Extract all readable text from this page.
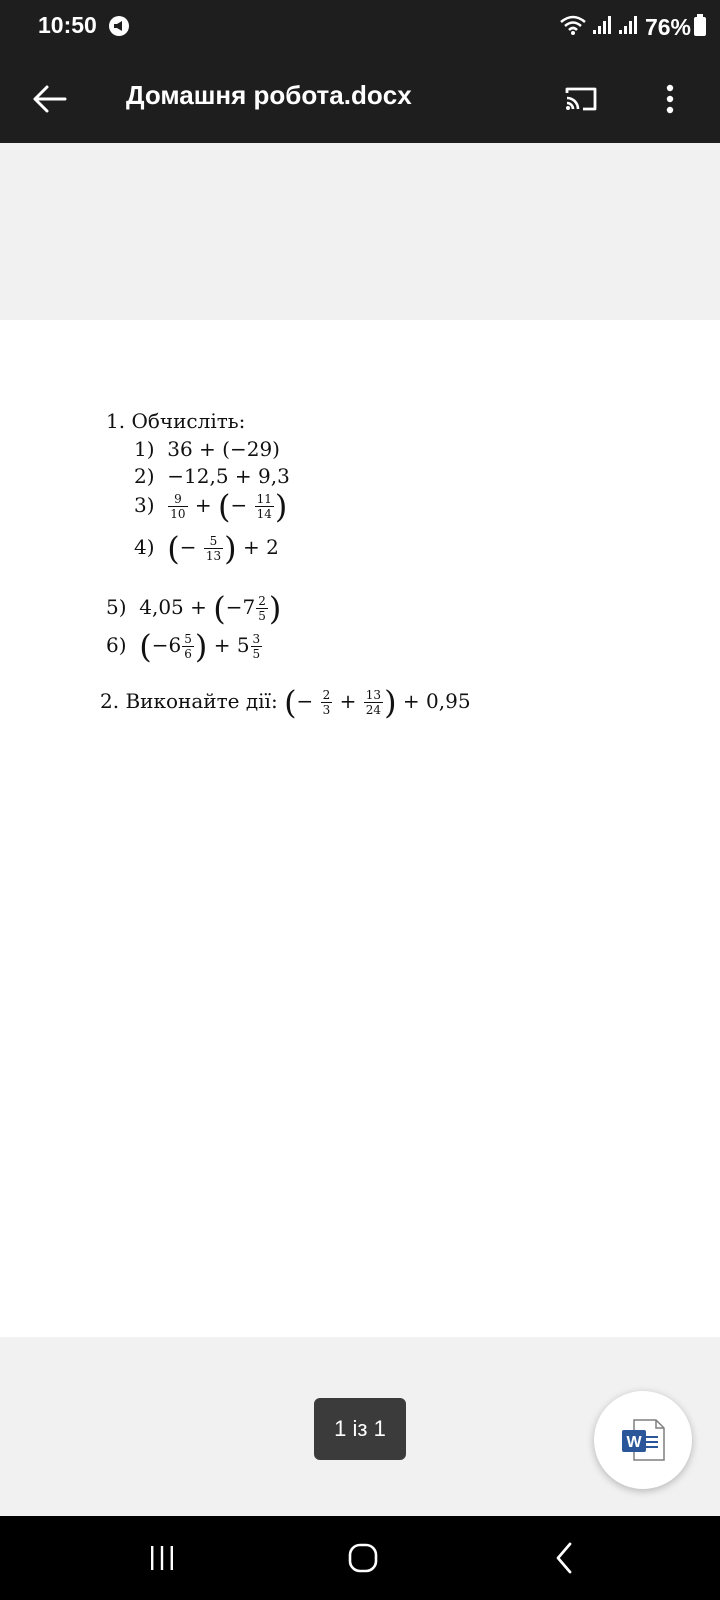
10:50	76%
Домашня робота.docx
1. Обчисліть:
1) 36 + (−29)
2) −12,5 + 9,3
$3) \frac{9}{10}$ + (− $\frac{11}{14}$ )
4) (− $\frac{5}{13}$ ) + 2
5) $4,05 + (-7 \frac{2}{5}$ )
6) ($-6 \frac{5}{6}$ ) + $5 \frac{3}{5}$
2. Виконайте дії: (− $\frac{2}{3} + \frac{13}{24}$ ) + 0,95
1 із 1
W
